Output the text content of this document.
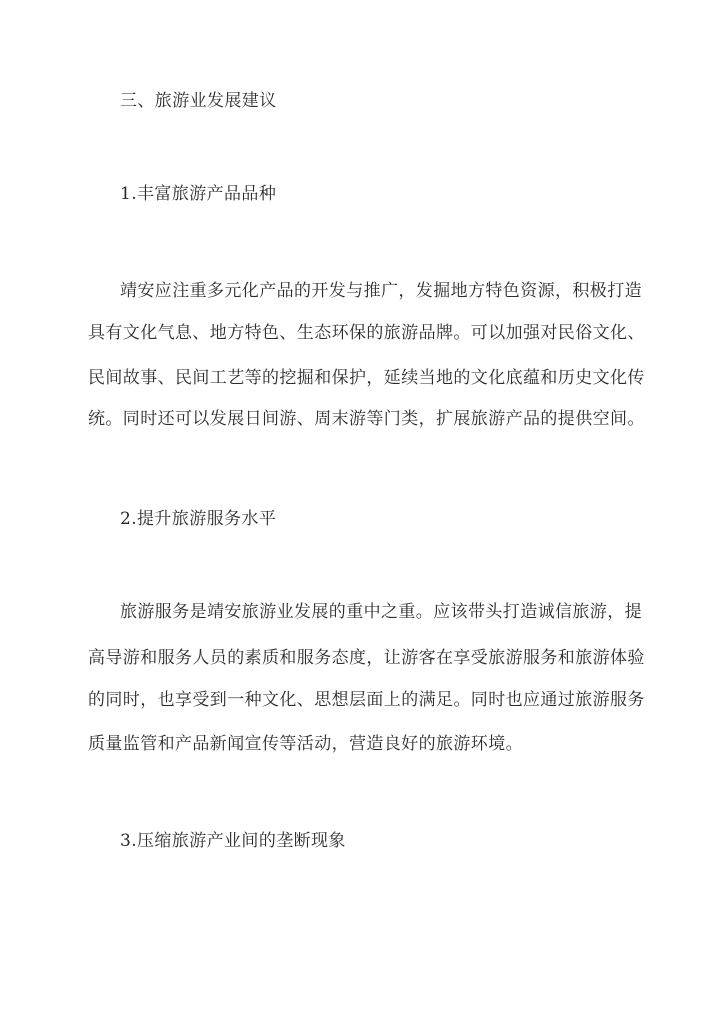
三、旅游业发展建议
1.丰富旅游产品品种
靖安应注重多元化产品的开发与推广，发掘地方特色资源，积极打造
具有文化气息、地方特色、生态环保的旅游品牌。可以加强对民俗文化、
民间故事、民间工艺等的挖掘和保护，延续当地的文化底蕴和历史文化传
统。同时还可以发展日间游、周末游等门类，扩展旅游产品的提供空间。
2.提升旅游服务水平
旅游服务是靖安旅游业发展的重中之重。应该带头打造诚信旅游，提
高导游和服务人员的素质和服务态度，让游客在享受旅游服务和旅游体验
的同时，也享受到一种文化、思想层面上的满足。同时也应通过旅游服务
质量监管和产品新闻宣传等活动，营造良好的旅游环境。
3.压缩旅游产业间的垄断现象
